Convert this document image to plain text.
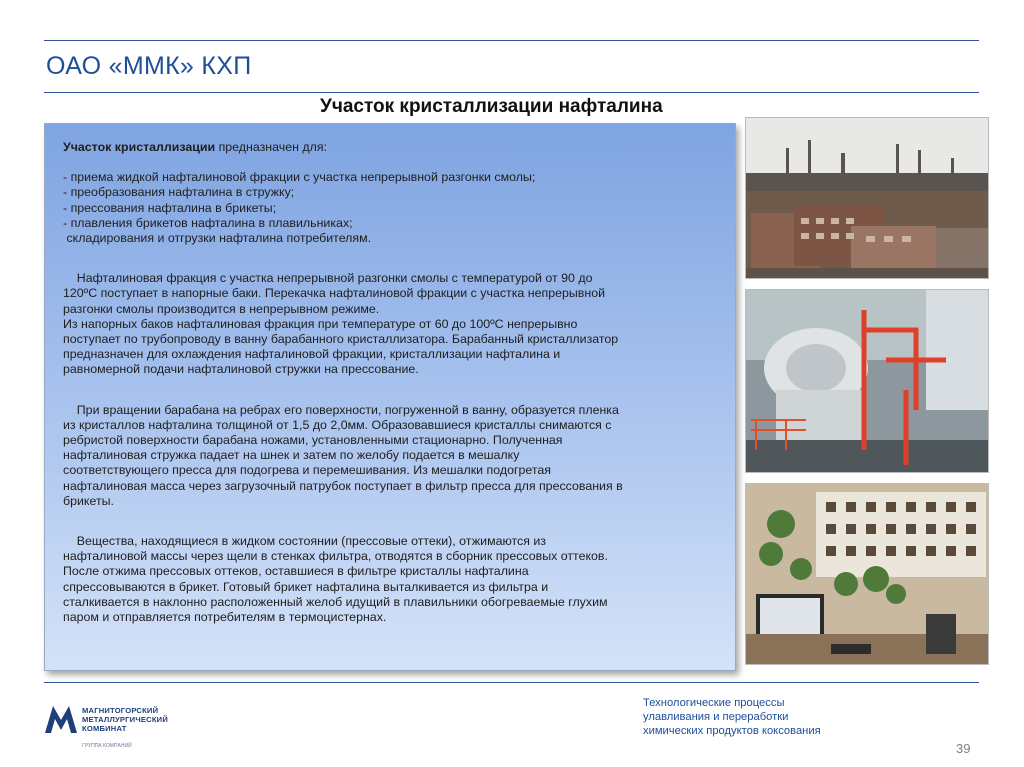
ОАО «ММК» КХП
Участок кристаллизации нафталина

Участок кристаллизации предназначен для:

- приема жидкой нафталиновой фракции с участка непрерывной разгонки смолы;

- преобразования нафталина в стружку;

- прессования нафталина в брикеты;

- плавления брикетов нафталина в плавильниках;

складирования и отгрузки нафталина потребителям.

Нафталиновая фракция с участка непрерывной разгонки смолы с температурой от 90 до

120ºС поступает в напорные баки. Перекачка нафталиновой фракции с участка непрерывной

разгонки смолы производится в непрерывном режиме.

Из напорных баков нафталиновая фракция при температуре от 60 до 100ºС непрерывно

поступает по трубопроводу в ванну барабанного кристаллизатора. Барабанный кристаллизатор

предназначен для охлаждения нафталиновой фракции, кристаллизации нафталина и

равномерной подачи нафталиновой стружки на прессование.

При вращении барабана на ребрах его поверхности, погруженной в ванну, образуется пленка

из кристаллов нафталина толщиной от 1,5 до 2,0мм. Образовавшиеся кристаллы снимаются с

ребристой поверхности барабана ножами, установленными стационарно. Полученная

нафталиновая стружка падает на шнек и затем по желобу подается в мешалку

соответствующего пресса для подогрева и перемешивания. Из мешалки подогретая

нафталиновая масса через загрузочный патрубок поступает в фильтр пресса для прессования в

брикеты.

Вещества, находящиеся в жидком состоянии (прессовые оттеки), отжимаются из

нафталиновой массы через щели в стенках фильтра, отводятся в сборник прессовых оттеков.

После отжима прессовых оттеков, оставшиеся в фильтре кристаллы нафталина

спрессовываются в брикет. Готовый брикет нафталина выталкивается из фильтра и

сталкивается в наклонно расположенный желоб идущий в плавильники обогреваемые глухим

паром и отправляется потребителям в термоцистернах.

МАГНИТОГОРСКИЙ
МЕТАЛЛУРГИЧЕСКИЙ
КОМБИНАТ
ГРУППА КОМПАНИЙ
Технологические процессы
улавливания и переработки
химических продуктов коксования
39
